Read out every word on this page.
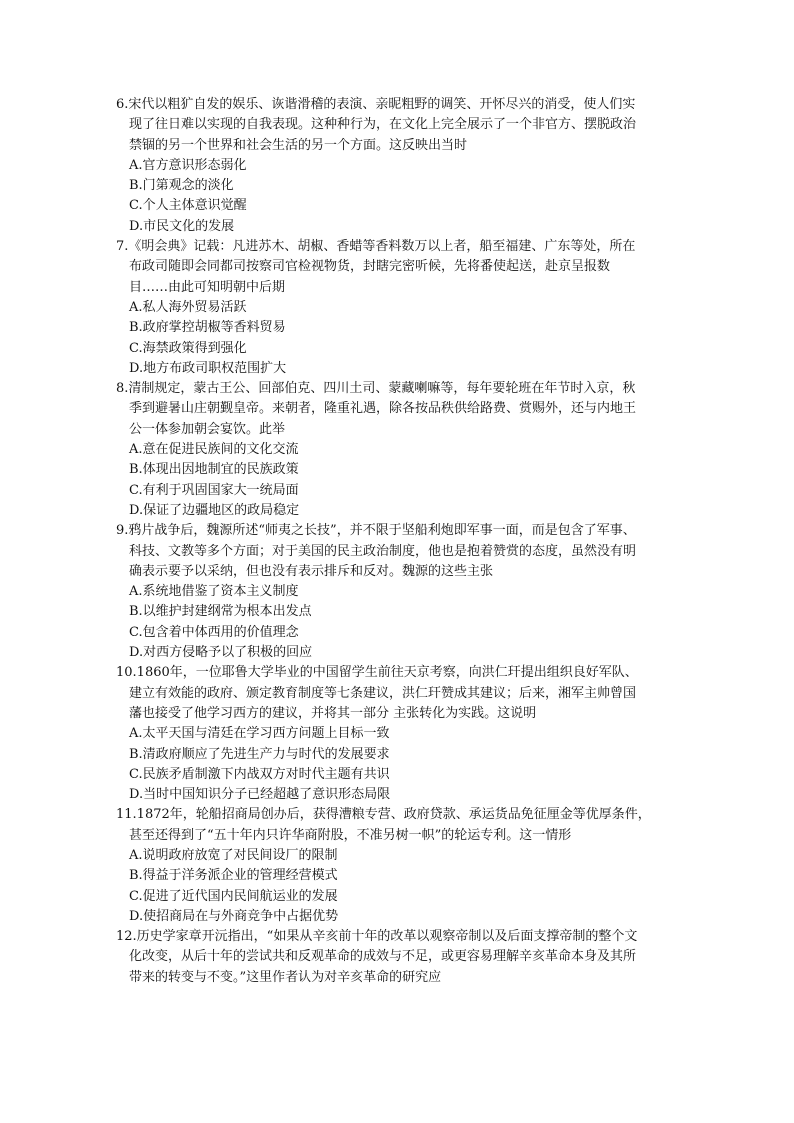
6.宋代以粗犷自发的娱乐、诙谐滑稽的表演、亲昵粗野的调笑、开怀尽兴的消受，使人们实
现了往日难以实现的自我表现。这种种行为，在文化上完全展示了一个非官方、摆脱政治
禁锢的另一个世界和社会生活的另一个方面。这反映出当时
A.官方意识形态弱化
B.门第观念的淡化
C.个人主体意识觉醒
D.市民文化的发展
7.《明会典》记载：凡进苏木、胡椒、香蜡等香料数万以上者，船至福建、广东等处，所在
布政司随即会同都司按察司官检视物货，封瞎完密听候，先将番使起送，赴京呈报数
目……由此可知明朝中后期
A.私人海外贸易活跃
B.政府掌控胡椒等香料贸易
C.海禁政策得到强化
D.地方布政司职权范围扩大
8.清制规定，蒙古王公、回部伯克、四川土司、蒙藏喇嘛等，每年要轮班在年节时入京，秋
季到避暑山庄朝觐皇帝。来朝者，隆重礼遇，除各按品秩供给路费、赏赐外，还与内地王
公一体参加朝会宴饮。此举
A.意在促进民族间的文化交流
B.体现出因地制宜的民族政策
C.有利于巩固国家大一统局面
D.保证了边疆地区的政局稳定
9.鸦片战争后，魏源所述“师夷之长技”，并不限于坚船利炮即军事一面，而是包含了军事、
科技、文教等多个方面；对于美国的民主政治制度，他也是抱着赞赏的态度，虽然没有明
确表示要予以采纳，但也没有表示排斥和反对。魏源的这些主张
A.系统地借鉴了资本主义制度
B.以维护封建纲常为根本出发点
C.包含着中体西用的价值理念
D.对西方侵略予以了积极的回应
10.1860年，一位耶鲁大学毕业的中国留学生前往天京考察，向洪仁玕提出组织良好军队、
建立有效能的政府、颁定教育制度等七条建议，洪仁玕赞成其建议；后来，湘军主帅曾国
藩也接受了他学习西方的建议，并将其一部分 主张转化为实践。这说明
A.太平天国与清廷在学习西方问题上目标一致
B.清政府顺应了先进生产力与时代的发展要求
C.民族矛盾制激下内战双方对时代主题有共识
D.当时中国知识分子已经超越了意识形态局限
11.1872年，轮船招商局创办后，获得漕粮专营、政府贷款、承运货品免征厘金等优厚条件，
甚至还得到了“五十年内只许华商附股，不准另树一帜”的轮运专利。这一情形
A.说明政府放宽了对民间设厂的限制
B.得益于洋务派企业的管理经营模式
C.促进了近代国内民间航运业的发展
D.使招商局在与外商竞争中占据优势
12.历史学家章开沅指出，“如果从辛亥前十年的改革以观察帝制以及后面支撑帝制的整个文
化改变，从后十年的尝试共和反观革命的成效与不足，或更容易理解辛亥革命本身及其所
带来的转变与不变。”这里作者认为对辛亥革命的研究应
